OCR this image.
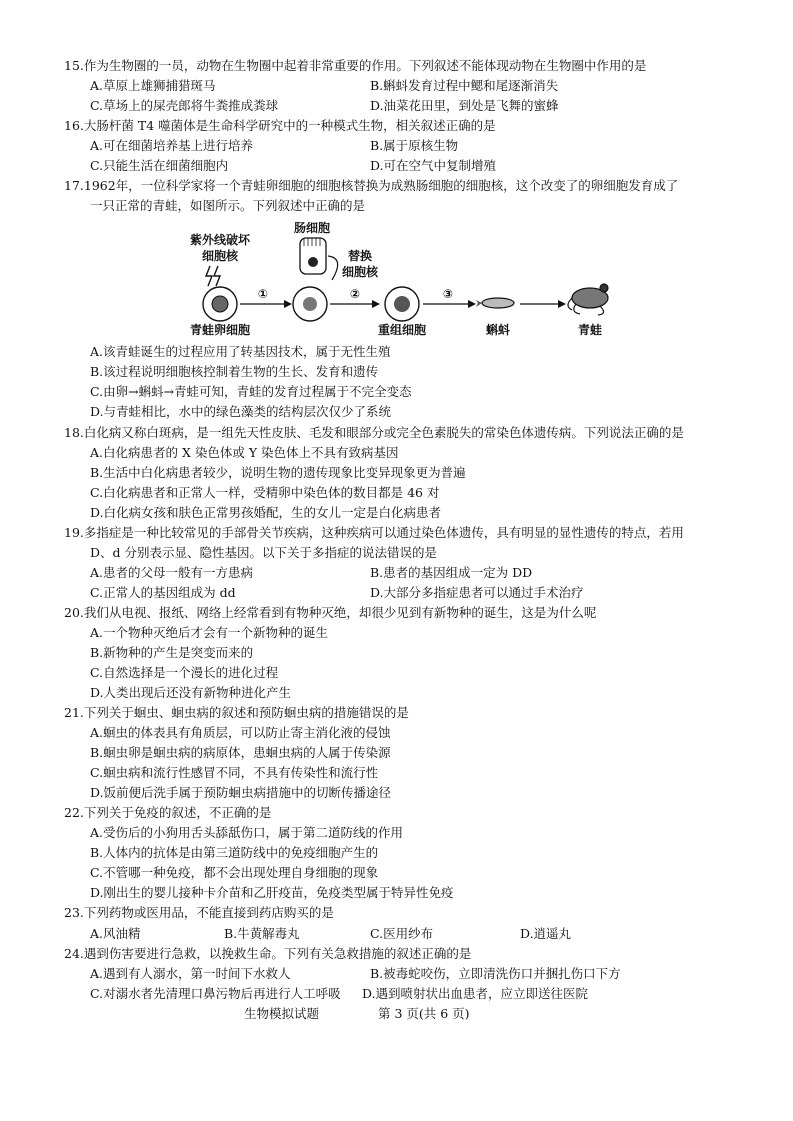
15.作为生物圈的一员，动物在生物圈中起着非常重要的作用。下列叙述不能体现动物在生物圈中作用的是
A.草原上雄狮捕猎斑马	B.蝌蚪发育过程中鳃和尾逐渐消失
C.草场上的屎壳郎将牛粪推成粪球	D.油菜花田里，到处是飞舞的蜜蜂
16.大肠杆菌 T4 噬菌体是生命科学研究中的一种模式生物，相关叙述正确的是
A.可在细菌培养基上进行培养	B.属于原核生物
C.只能生活在细菌细胞内	D.可在空气中复制增殖
17.1962年，一位科学家将一个青蛙卵细胞的细胞核替换为成熟肠细胞的细胞核，这个改变了的卵细胞发育成了
一只正常的青蛙，如图所示。下列叙述中正确的是
紫外线破坏
细胞核
青蛙卵细胞
①
肠细胞
替换
细胞核
②
重组细胞
③
蝌蚪	青蛙
A.该青蛙诞生的过程应用了转基因技术，属于无性生殖
B.该过程说明细胞核控制着生物的生长、发育和遗传
C.由卵→蝌蚪→青蛙可知，青蛙的发育过程属于不完全变态
D.与青蛙相比，水中的绿色藻类的结构层次仅少了系统
18.白化病又称白斑病，是一组先天性皮肤、毛发和眼部分或完全色素脱失的常染色体遗传病。下列说法正确的是
A.白化病患者的 X 染色体或 Y 染色体上不具有致病基因
B.生活中白化病患者较少，说明生物的遗传现象比变异现象更为普遍
C.白化病患者和正常人一样，受精卵中染色体的数目都是 46 对
D.白化病女孩和肤色正常男孩婚配，生的女儿一定是白化病患者
19.多指症是一种比较常见的手部骨关节疾病，这种疾病可以通过染色体遗传，具有明显的显性遗传的特点，若用
D、d 分别表示显、隐性基因。以下关于多指症的说法错误的是
A.患者的父母一般有一方患病	B.患者的基因组成一定为 DD
C.正常人的基因组成为 dd	D.大部分多指症患者可以通过手术治疗
20.我们从电视、报纸、网络上经常看到有物种灭绝，却很少见到有新物种的诞生，这是为什么呢
A.一个物种灭绝后才会有一个新物种的诞生
B.新物种的产生是突变而来的
C.自然选择是一个漫长的进化过程
D.人类出现后还没有新物种进化产生
21.下列关于蛔虫、蛔虫病的叙述和预防蛔虫病的措施错误的是
A.蛔虫的体表具有角质层，可以防止寄主消化液的侵蚀
B.蛔虫卵是蛔虫病的病原体，患蛔虫病的人属于传染源
C.蛔虫病和流行性感冒不同，不具有传染性和流行性
D.饭前便后洗手属于预防蛔虫病措施中的切断传播途径
22.下列关于免疫的叙述，不正确的是
A.受伤后的小狗用舌头舔舐伤口，属于第二道防线的作用
B.人体内的抗体是由第三道防线中的免疫细胞产生的
C.不管哪一种免疫，都不会出现处理自身细胞的现象
D.刚出生的婴儿接种卡介苗和乙肝疫苗，免疫类型属于特异性免疫
23.下列药物或医用品，不能直接到药店购买的是
A.风油精	B.牛黄解毒丸	C.医用纱布	D.逍遥丸
24.遇到伤害要进行急救，以挽救生命。下列有关急救措施的叙述正确的是
A.遇到有人溺水，第一时间下水救人	B.被毒蛇咬伤，立即清洗伤口并捆扎伤口下方
C.对溺水者先清理口鼻污物后再进行人工呼吸 D.遇到喷射状出血患者，应立即送往医院
生物模拟试题	第 3 页(共 6 页)
